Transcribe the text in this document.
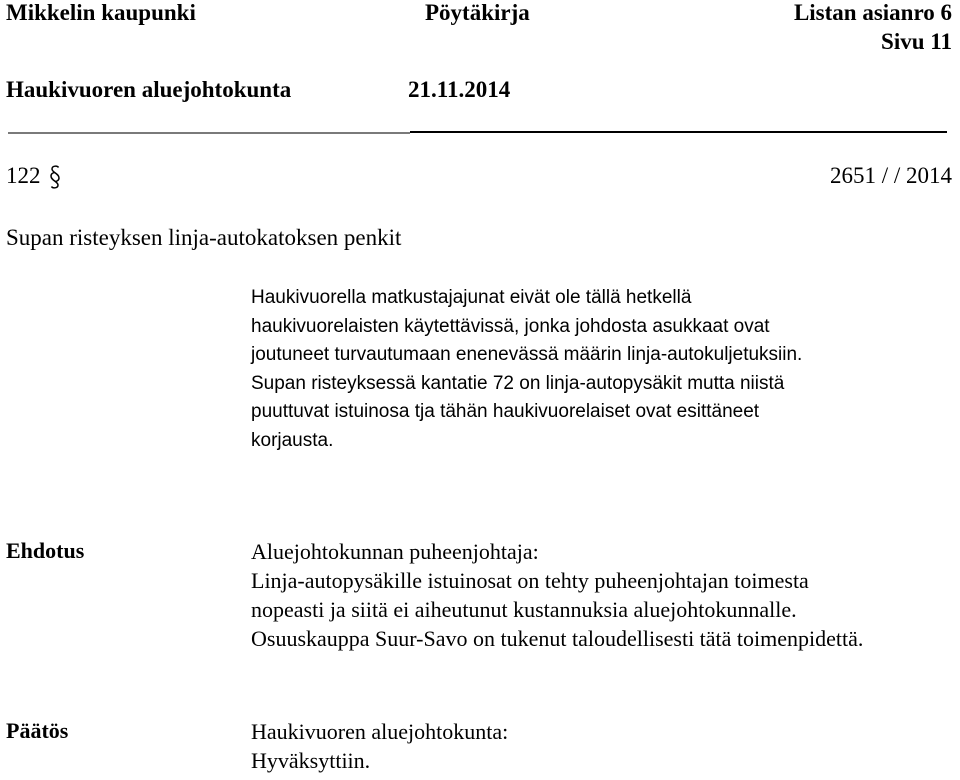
Mikkelin kaupunki	Pöytäkirja	Listan asianro 6
Sivu 11
Haukivuoren aluejohtokunta	21.11.2014
122	2651 / / 2014
Supan risteyksen linja-autokatoksen penkit
Haukivuorella matkustajajunat eivät ole tällä hetkellä
haukivuorelaisten käytettävissä, jonka johdosta asukkaat ovat
joutuneet turvautumaan enenevässä määrin linja-autokuljetuksiin.
Supan risteyksessä kantatie 72 on linja-autopysäkit mutta niistä
puuttuvat istuinosa tja tähän haukivuorelaiset ovat esittäneet
korjausta.
Ehdotus	Aluejohtokunnan puheenjohtaja:
Linja-autopysäkille istuinosat on tehty puheenjohtajan toimesta
nopeasti ja siitä ei aiheutunut kustannuksia aluejohtokunnalle.
Osuuskauppa Suur-Savo on tukenut taloudellisesti tätä toimenpidettä.
Päätös	Haukivuoren aluejohtokunta:
Hyväksyttiin.
